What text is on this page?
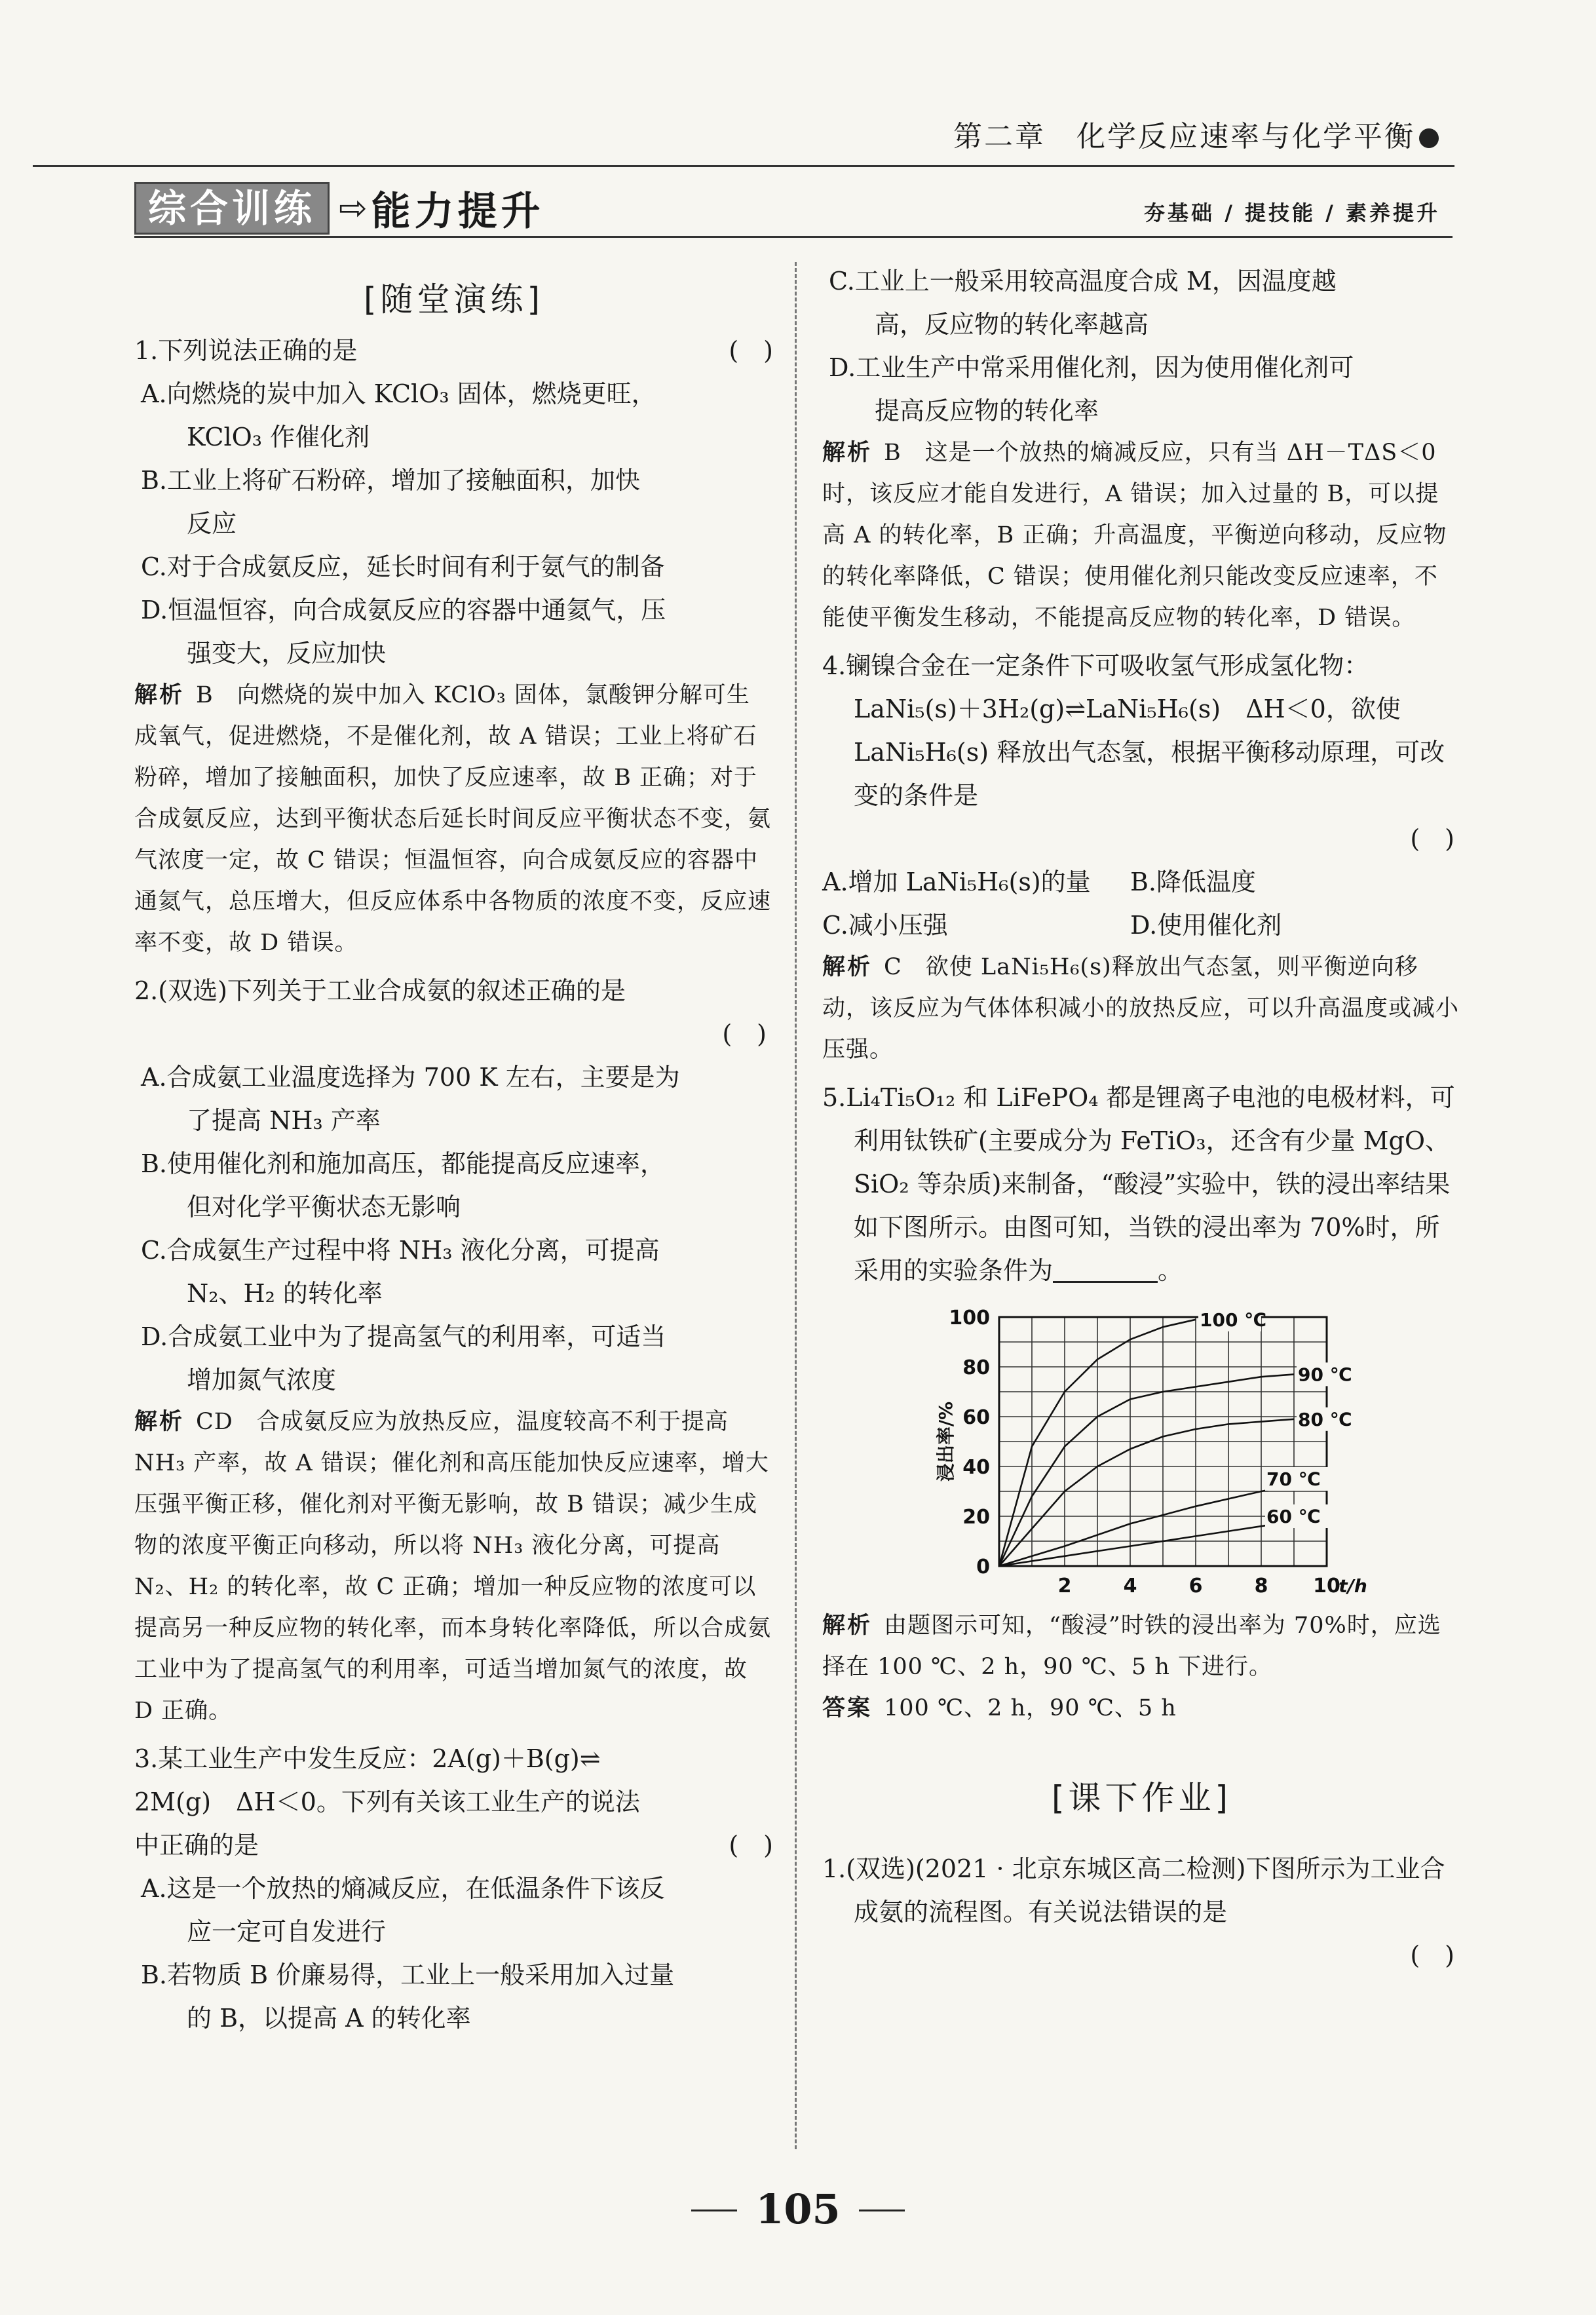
第二章　化学反应速率与化学平衡
综合训练 ⇨ 能力提升	夯基础 / 提技能 / 素养提升

[随堂演练]

1.下列说法正确的是	(　)

A.向燃烧的炭中加入 KClO₃ 固体，燃烧更旺，

KClO₃ 作催化剂

B.工业上将矿石粉碎，增加了接触面积，加快

反应

C.对于合成氨反应，延长时间有利于氨气的制备

D.恒温恒容，向合成氨反应的容器中通氦气，压

强变大，反应加快

解析 B　向燃烧的炭中加入 KClO₃ 固体，氯酸钾分解可生成氧气，促进燃烧，不是催化剂，故 A 错误；工业上将矿石粉碎，增加了接触面积，加快了反应速率，故 B 正确；对于合成氨反应，达到平衡状态后延长时间反应平衡状态不变，氨气浓度一定，故 C 错误；恒温恒容，向合成氨反应的容器中通氦气，总压增大，但反应体系中各物质的浓度不变，反应速率不变，故 D 错误。

2.(双选)下列关于工业合成氨的叙述正确的是

(　)

A.合成氨工业温度选择为 700 K 左右，主要是为

了提高 NH₃ 产率

B.使用催化剂和施加高压，都能提高反应速率，

但对化学平衡状态无影响

C.合成氨生产过程中将 NH₃ 液化分离，可提高

N₂、H₂ 的转化率

D.合成氨工业中为了提高氢气的利用率，可适当

增加氮气浓度

解析 CD　合成氨反应为放热反应，温度较高不利于提高 NH₃ 产率，故 A 错误；催化剂和高压能加快反应速率，增大压强平衡正移，催化剂对平衡无影响，故 B 错误；减少生成物的浓度平衡正向移动，所以将 NH₃ 液化分离，可提高 N₂、H₂ 的转化率，故 C 正确；增加一种反应物的浓度可以提高另一种反应物的转化率，而本身转化率降低，所以合成氨工业中为了提高氢气的利用率，可适当增加氮气的浓度，故 D 正确。

3.某工业生产中发生反应：2A(g)＋B(g)⇌

2M(g)　ΔH＜0。下列有关该工业生产的说法

中正确的是	(　)

A.这是一个放热的熵减反应，在低温条件下该反

应一定可自发进行

B.若物质 B 价廉易得，工业上一般采用加入过量

的 B，以提高 A 的转化率

C.工业上一般采用较高温度合成 M，因温度越

高，反应物的转化率越高

D.工业生产中常采用催化剂，因为使用催化剂可

提高反应物的转化率

解析 B　这是一个放热的熵减反应，只有当 ΔH－TΔS＜0 时，该反应才能自发进行，A 错误；加入过量的 B，可以提高 A 的转化率，B 正确；升高温度，平衡逆向移动，反应物的转化率降低，C 错误；使用催化剂只能改变反应速率，不能使平衡发生移动，不能提高反应物的转化率，D 错误。

4.镧镍合金在一定条件下可吸收氢气形成氢化物：LaNi₅(s)＋3H₂(g)⇌LaNi₅H₆(s)　ΔH＜0，欲使 LaNi₅H₆(s) 释放出气态氢，根据平衡移动原理，可改变的条件是

(　)

A.增加 LaNi₅H₆(s)的量	B.降低温度

C.减小压强	D.使用催化剂

解析 C　欲使 LaNi₅H₆(s)释放出气态氢，则平衡逆向移动，该反应为气体体积减小的放热反应，可以升高温度或减小压强。

5.Li₄Ti₅O₁₂ 和 LiFePO₄ 都是锂离子电池的电极材料，可利用钛铁矿(主要成分为 FeTiO₃，还含有少量 MgO、SiO₂ 等杂质)来制备，“酸浸”实验中，铁的浸出率结果如下图所示。由图可知，当铁的浸出率为 70%时，所采用的实验条件为	。

0
20
40
60
80
100
2	4	6	8 10
浸出率/%
t/h
100 ℃
90 ℃
80 ℃
70 ℃
60 ℃

解析 由题图示可知，“酸浸”时铁的浸出率为 70%时，应选择在 100 ℃、2 h，90 ℃、5 h 下进行。

答案 100 ℃、2 h，90 ℃、5 h

[课下作业]

1.(双选)(2021 · 北京东城区高二检测)下图所示为工业合成氨的流程图。有关说法错误的是

(　)

105
